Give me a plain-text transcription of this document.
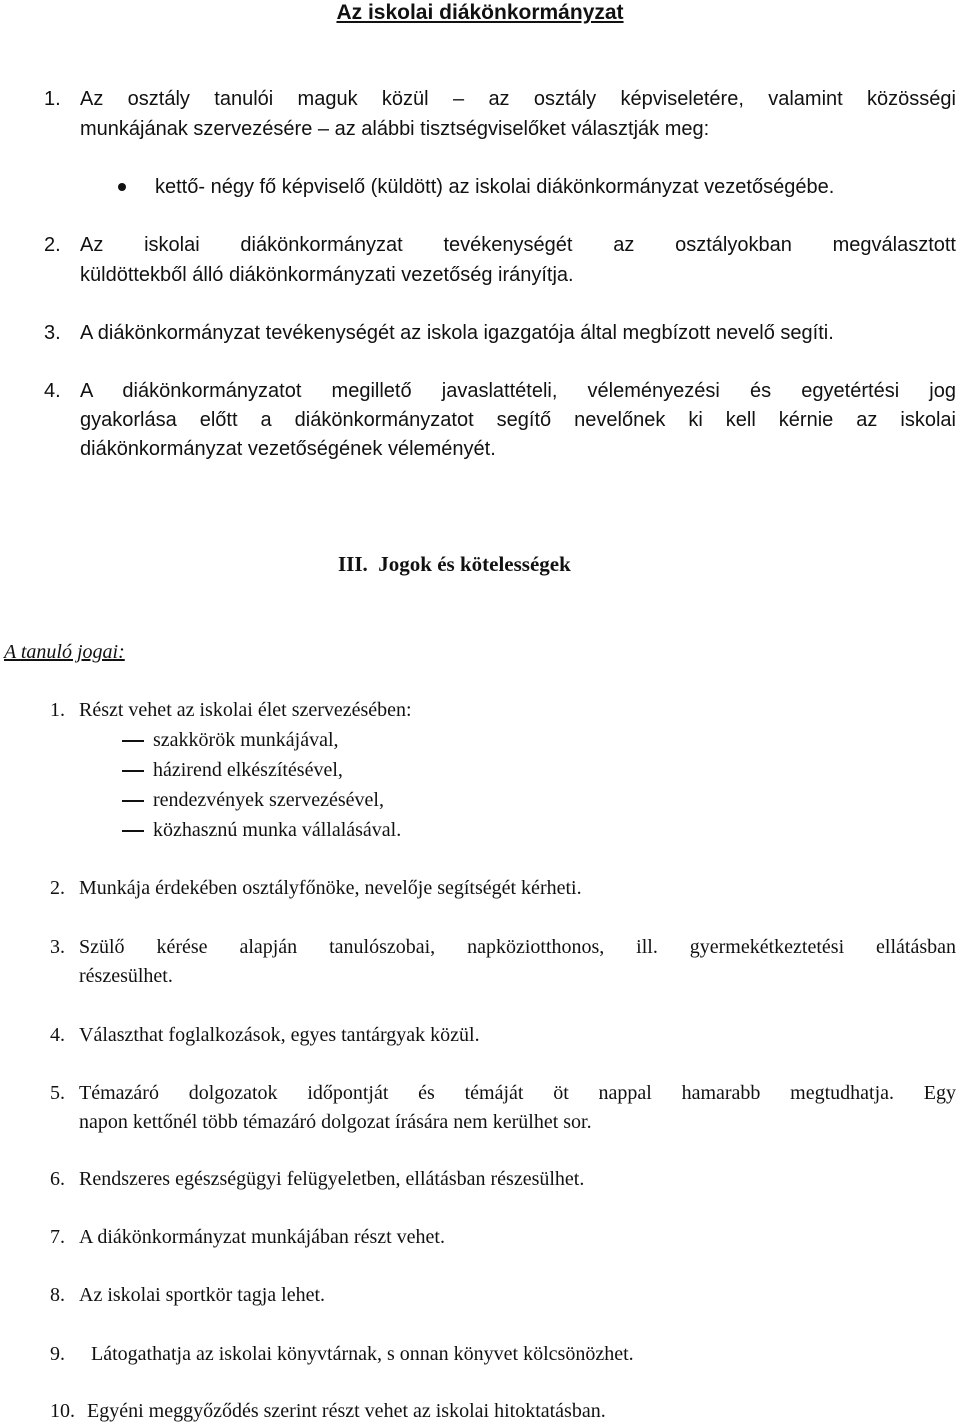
Az iskolai diákönkormányzat
1. Az osztály tanulói maguk közül – az osztály képviseletére, valamint közösségi
munkájának szervezésére – az alábbi tisztségviselőket választják meg:
kettő- négy fő képviselő (küldött) az iskolai diákönkormányzat vezetőségébe.
2. Az iskolai diákönkormányzat tevékenységét az osztályokban megválasztott
küldöttekből álló diákönkormányzati vezetőség irányítja.
3. A diákönkormányzat tevékenységét az iskola igazgatója által megbízott nevelő segíti.
4. A diákönkormányzatot megillető javaslattételi, véleményezési és egyetértési jog
gyakorlása előtt a diákönkormányzatot segítő nevelőnek ki kell kérnie az iskolai
diákönkormányzat vezetőségének véleményét.
III. Jogok és kötelességek
A tanuló jogai:
1. Részt vehet az iskolai élet szervezésében:
szakkörök munkájával,
házirend elkészítésével,
rendezvények szervezésével,
közhasznú munka vállalásával.
2. Munkája érdekében osztályfőnöke, nevelője segítségét kérheti.
3. Szülő kérése alapján tanulószobai, napköziotthonos, ill. gyermekétkeztetési ellátásban
részesülhet.
4. Választhat foglalkozások, egyes tantárgyak közül.
5. Témazáró dolgozatok időpontját és témáját öt nappal hamarabb megtudhatja. Egy
napon kettőnél több témazáró dolgozat írására nem kerülhet sor.
6. Rendszeres egészségügyi felügyeletben, ellátásban részesülhet.
7. A diákönkormányzat munkájában részt vehet.
8. Az iskolai sportkör tagja lehet.
9. Látogathatja az iskolai könyvtárnak, s onnan könyvet kölcsönözhet.
10. Egyéni meggyőződés szerint részt vehet az iskolai hitoktatásban.
